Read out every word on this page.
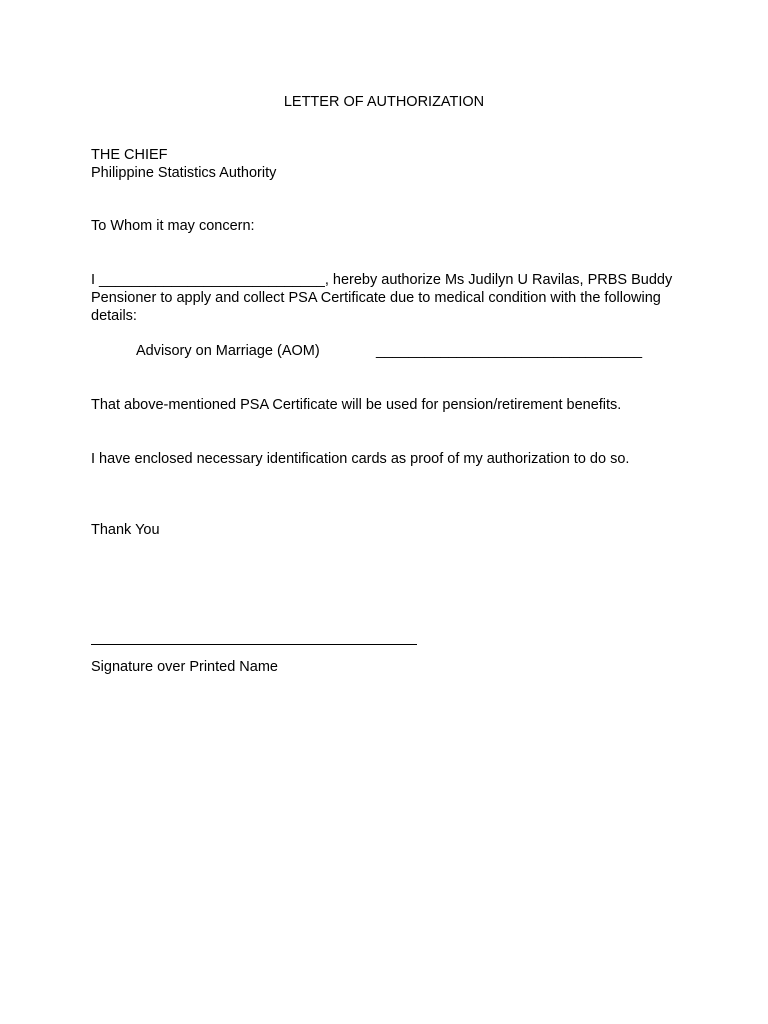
LETTER OF AUTHORIZATION

THE CHIEF

Philippine Statistics Authority

To Whom it may concern:

I ____________________________, hereby authorize Ms Judilyn U Ravilas, PRBS Buddy Pensioner to apply and collect PSA Certificate due to medical condition with the following details:

Advisory on Marriage (AOM)

	_________________________________

That above-mentioned PSA Certificate will be used for pension/retirement benefits.

I have enclosed necessary identification cards as proof of my authorization to do so.

Thank You

Signature over Printed Name
